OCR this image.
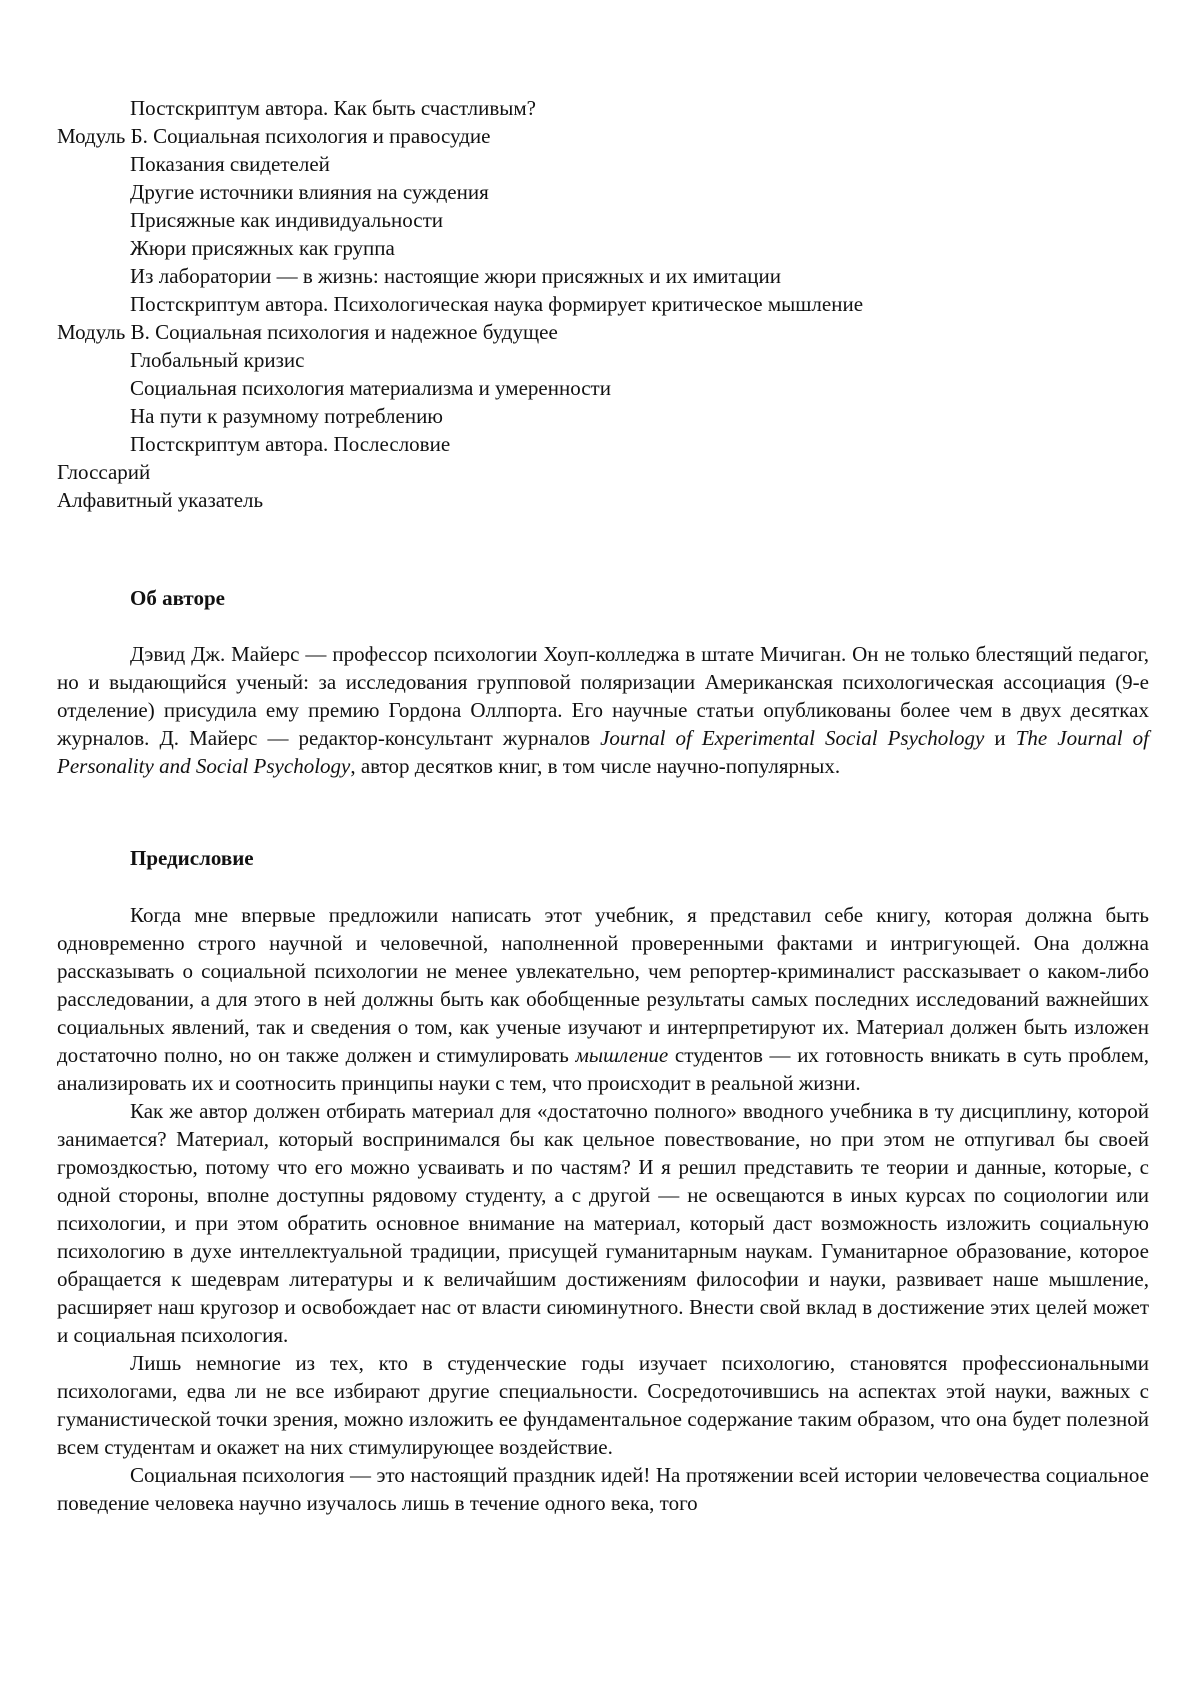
Постскриптум автора. Как быть счастливым?
Модуль Б. Социальная психология и правосудие
Показания свидетелей
Другие источники влияния на суждения
Присяжные как индивидуальности
Жюри присяжных как группа
Из лаборатории — в жизнь: настоящие жюри присяжных и их имитации
Постскриптум автора. Психологическая наука формирует критическое мышление
Модуль В. Социальная психология и надежное будущее
Глобальный кризис
Социальная психология материализма и умеренности
На пути к разумному потреблению
Постскриптум автора. Послесловие
Глоссарий
Алфавитный указатель
Об авторе

Дэвид Дж. Майерс — профессор психологии Хоуп-колледжа в штате Мичиган. Он не только блестящий педагог, но и выдающийся ученый: за исследования групповой поляризации Американская психологическая ассоциация (9-е отделение) присудила ему премию Гордона Оллпорта. Его научные статьи опубликованы более чем в двух десятках журналов. Д. Майерс — редактор-консультант журналов Journal of Experimental Social Psychology и The Journal of Personality and Social Psychology, автор десятков книг, в том числе научно-популярных.

Предисловие

Когда мне впервые предложили написать этот учебник, я представил себе книгу, которая должна быть одновременно строго научной и человечной, наполненной проверенными фактами и интригующей. Она должна рассказывать о социальной психологии не менее увлекательно, чем репортер-криминалист рассказывает о каком-либо расследовании, а для этого в ней должны быть как обобщенные результаты самых последних исследований важнейших социальных явлений, так и сведения о том, как ученые изучают и интерпретируют их. Материал должен быть изложен достаточно полно, но он также должен и стимулировать мышление студентов — их готовность вникать в суть проблем, анализировать их и соотносить принципы науки с тем, что происходит в реальной жизни.

Как же автор должен отбирать материал для «достаточно полного» вводного учебника в ту дисциплину, которой занимается? Материал, который воспринимался бы как цельное повествование, но при этом не отпугивал бы своей громоздкостью, потому что его можно усваивать и по частям? И я решил представить те теории и данные, которые, с одной стороны, вполне доступны рядовому студенту, а с другой — не освещаются в иных курсах по социологии или психологии, и при этом обратить основное внимание на материал, который даст возможность изложить социальную психологию в духе интеллектуальной традиции, присущей гуманитарным наукам. Гуманитарное образование, которое обращается к шедеврам литературы и к величайшим достижениям философии и науки, развивает наше мышление, расширяет наш кругозор и освобождает нас от власти сиюминутного. Внести свой вклад в достижение этих целей может и социальная психология.

Лишь немногие из тех, кто в студенческие годы изучает психологию, становятся профессиональными психологами, едва ли не все избирают другие специальности. Сосредоточившись на аспектах этой науки, важных с гуманистической точки зрения, можно изложить ее фундаментальное содержание таким образом, что она будет полезной всем студентам и окажет на них стимулирующее воздействие.

Социальная психология — это настоящий праздник идей! На протяжении всей истории человечества социальное поведение человека научно изучалось лишь в течение одного века, того
